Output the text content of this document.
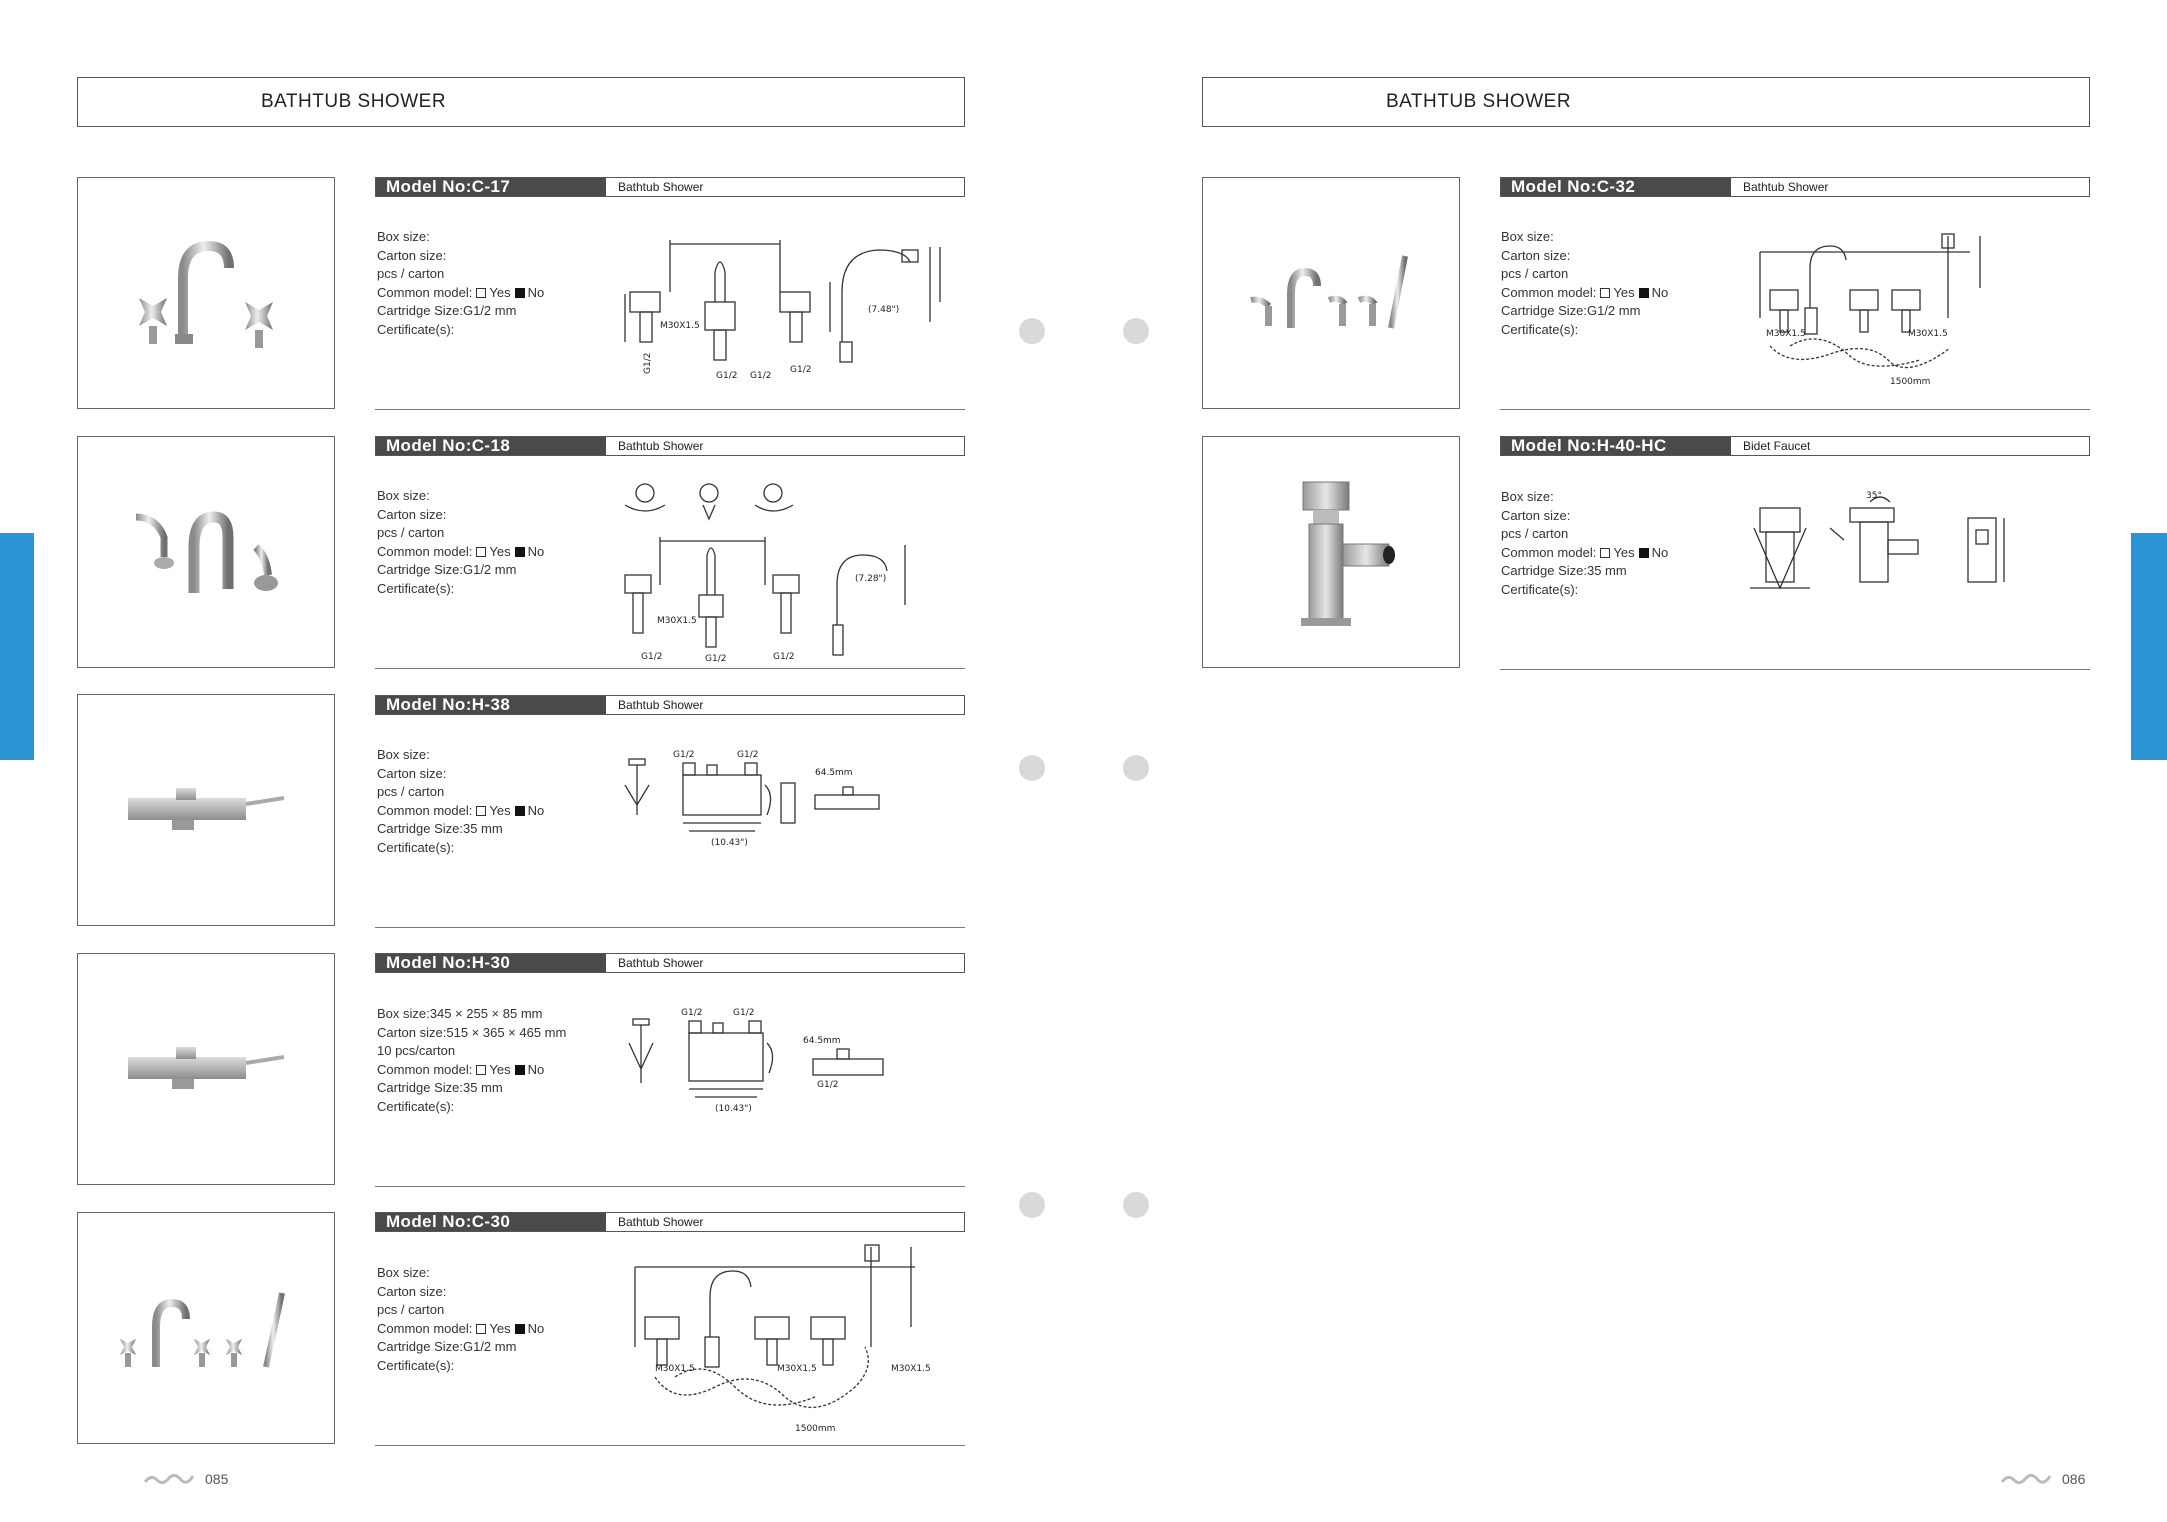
BATHTUB SHOWER
Model No:C-17	Bathtub Shower
Box size:
Carton size:
pcs / carton
Common model: Yes No
Cartridge Size:G1/2 mm
Certificate(s):
G1/2
G1/2 G1/2
G1/2
M30X1.5
(7.48")
Model No:C-18	Bathtub Shower
Box size:
Carton size:
pcs / carton
Common model: Yes No
Cartridge Size:G1/2 mm
Certificate(s):
G1/2	G1/2	G1/2
M30X1.5
(7.28")
Model No:H-38	Bathtub Shower
Box size:
Carton size:
pcs / carton
Common model: Yes No
Cartridge Size:35 mm
Certificate(s):
G1/2	G1/2
64.5mm
(10.43")
Model No:H-30	Bathtub Shower
Box size:345 × 255 × 85 mm
Carton size:515 × 365 × 465 mm
10 pcs/carton
Common model: Yes No
Cartridge Size:35 mm
Certificate(s):
G1/2	G1/2
64.5mm
G1/2
(10.43")
Model No:C-30	Bathtub Shower
Box size:
Carton size:
pcs / carton
Common model: Yes No
Cartridge Size:G1/2 mm
Certificate(s):	M30X1.5	M30X1.5	M30X1.5
1500mm
085
BATHTUB SHOWER
Model No:C-32	Bathtub Shower
Box size:
Carton size:
pcs / carton
Common model: Yes No
Cartridge Size:G1/2 mm
Certificate(s):	M30X1.5	M30X1.5
1500mm
Model No:H-40-HC	Bidet Faucet
Box size:
Carton size:
pcs / carton
Common model: Yes No
Cartridge Size:35 mm
Certificate(s):
35°
086
